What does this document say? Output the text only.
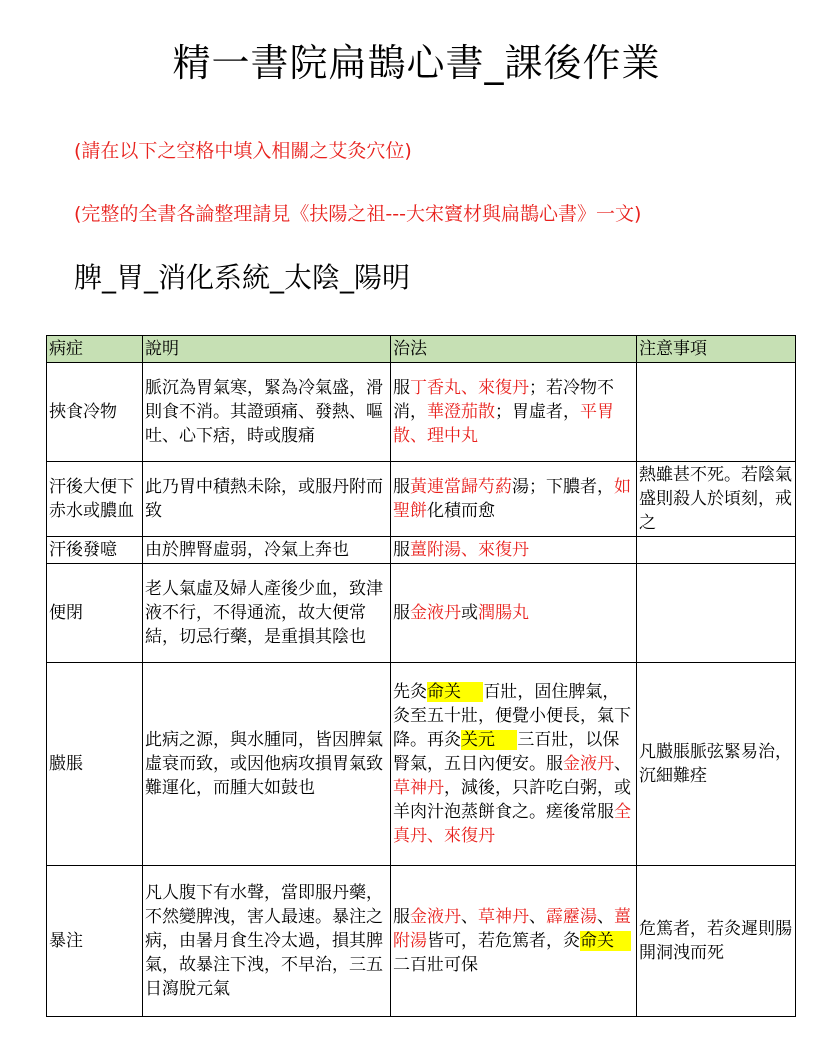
精一書院扁鵲心書_課後作業
(請在以下之空格中填入相關之艾灸穴位)
(完整的全書各論整理請見《扶陽之祖---大宋竇材與扁鵲心書》一文)
脾_胃_消化系統_太陰_陽明
病症	說明	治法	注意事項
挾食冷物	脈沉為胃氣寒，緊為冷氣盛，滑則食不消。其證頭痛、發熱、嘔吐、心下痞，時或腹痛	服丁香丸、來復丹；若冷物不消，華澄茄散；胃虛者，平胃散、理中丸	
汗後大便下赤水或膿血	此乃胃中積熱未除，或服丹附而致	服黃連當歸芍葯湯；下膿者，如聖餅化積而愈	熱雖甚不死。若陰氣盛則殺人於頃刻，戒之
汗後發噫	由於脾腎虛弱，冷氣上奔也	服薑附湯、來復丹	
便閉	老人氣虛及婦人產後少血，致津液不行，不得通流，故大便常結，切忌行藥，是重損其陰也	服金液丹或潤腸丸	
臌脹	此病之源，與水腫同，皆因脾氣虛衰而致，或因他病攻損胃氣致難運化，而腫大如鼓也	先灸命关　 百壯，固住脾氣，灸至五十壯，便覺小便長，氣下降。再灸关元　 三百壯，以保腎氣，五日內便安。服金液丹、草神丹，減後，只許吃白粥，或羊肉汁泡蒸餅食之。瘥後常服全真丹、來復丹	凡臌脹脈弦緊易治，沉細難痊
暴注	凡人腹下有水聲，當即服丹藥，不然變脾洩，害人最速。暴注之病，由暑月食生冷太過，損其脾氣，故暴注下洩，不早治，三五日瀉脫元氣	服金液丹、草神丹、霹靂湯、薑附湯皆可，若危篤者，灸命关　 二百壯可保	危篤者，若灸遲則腸開洞洩而死
